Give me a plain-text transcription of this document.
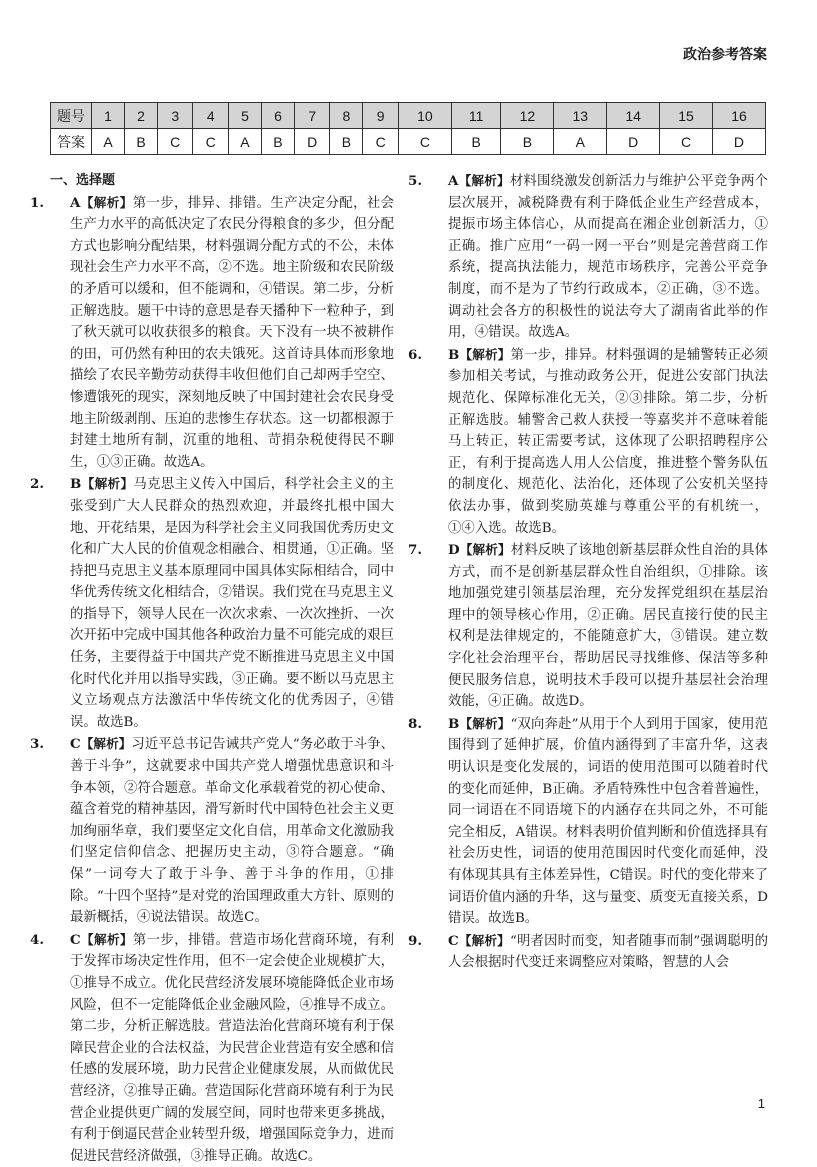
政治参考答案
题号	1	2	3	4	5	6	7	8	9	10	11	12	13	14	15	16
答案	A	B	C	C	A	B	D	B	C	C	B	B	A	D	C	D
一、选择题

1. A【解析】第一步，排异、排错。生产决定分配，社会生产力水平的高低决定了农民分得粮食的多少，但分配方式也影响分配结果，材料强调分配方式的不公，未体现社会生产力水平不高，②不选。地主阶级和农民阶级的矛盾可以缓和，但不能调和，④错误。第二步，分析正解选肢。题干中诗的意思是春天播种下一粒种子，到了秋天就可以收获很多的粮食。天下没有一块不被耕作的田，可仍然有种田的农夫饿死。这首诗具体而形象地描绘了农民辛勤劳动获得丰收但他们自己却两手空空、惨遭饿死的现实，深刻地反映了中国封建社会农民身受地主阶级剥削、压迫的悲惨生存状态。这一切都根源于封建土地所有制，沉重的地租、苛捐杂税使得民不聊生，①③正确。故选A。

2. B【解析】马克思主义传入中国后，科学社会主义的主张受到广大人民群众的热烈欢迎，并最终扎根中国大地、开花结果，是因为科学社会主义同我国优秀历史文化和广大人民的价值观念相融合、相贯通，①正确。坚持把马克思主义基本原理同中国具体实际相结合，同中华优秀传统文化相结合，②错误。我们党在马克思主义的指导下，领导人民在一次次求索、一次次挫折、一次次开拓中完成中国其他各种政治力量不可能完成的艰巨任务，主要得益于中国共产党不断推进马克思主义中国化时代化并用以指导实践，③正确。要不断以马克思主义立场观点方法激活中华传统文化的优秀因子，④错误。故选B。

3. C【解析】习近平总书记告诫共产党人“务必敢于斗争、善于斗争”，这就要求中国共产党人增强忧患意识和斗争本领，②符合题意。革命文化承载着党的初心使命、蕴含着党的精神基因，滑写新时代中国特色社会主义更加绚丽华章，我们要坚定文化自信，用革命文化激励我们坚定信仰信念、把握历史主动，③符合题意。“确保”一词夸大了敢于斗争、善于斗争的作用，①排除。“十四个坚持”是对党的治国理政重大方针、原则的最新概括，④说法错误。故选C。

4. C【解析】第一步，排错。营造市场化营商环境，有利于发挥市场决定性作用，但不一定会使企业规模扩大，①推导不成立。优化民营经济发展环境能降低企业市场风险，但不一定能降低企业金融风险，④推导不成立。第二步，分析正解选肢。营造法治化营商环境有利于保障民营企业的合法权益，为民营企业营造有安全感和信任感的发展环境，助力民营企业健康发展，从而做优民营经济，②推导正确。营造国际化营商环境有利于为民营企业提供更广阔的发展空间，同时也带来更多挑战，有利于倒逼民营企业转型升级，增强国际竞争力，进而促进民营经济做强，③推导正确。故选C。

5. A【解析】材料围绕激发创新活力与维护公平竞争两个层次展开，减税降费有利于降低企业生产经营成本，提振市场主体信心，从而提高在湘企业创新活力，①正确。推广应用“一码一网一平台”则是完善营商工作系统，提高执法能力，规范市场秩序，完善公平竞争制度，而不是为了节约行政成本，②正确，③不选。调动社会各方的积极性的说法夸大了湖南省此举的作用，④错误。故选A。

6. B【解析】第一步，排异。材料强调的是辅警转正必须参加相关考试，与推动政务公开，促进公安部门执法规范化、保障标准化无关，②③排除。第二步，分析正解选肢。辅警舍己救人获授一等嘉奖并不意味着能马上转正，转正需要考试，这体现了公职招聘程序公正，有利于提高选人用人公信度，推进整个警务队伍的制度化、规范化、法治化，还体现了公安机关坚持依法办事，做到奖励英雄与尊重公平的有机统一，①④入选。故选B。

7. D【解析】材料反映了该地创新基层群众性自治的具体方式，而不是创新基层群众性自治组织，①排除。该地加强党建引领基层治理，充分发挥党组织在基层治理中的领导核心作用，②正确。居民直接行使的民主权利是法律规定的，不能随意扩大，③错误。建立数字化社会治理平台，帮助居民寻找维修、保洁等多种便民服务信息，说明技术手段可以提升基层社会治理效能，④正确。故选D。

8. B【解析】“双向奔赴”从用于个人到用于国家，使用范围得到了延伸扩展，价值内涵得到了丰富升华，这表明认识是变化发展的，词语的使用范围可以随着时代的变化而延伸，B正确。矛盾特殊性中包含着普遍性，同一词语在不同语境下的内涵存在共同之外，不可能完全相反，A错误。材料表明价值判断和价值选择具有社会历史性，词语的使用范围因时代变化而延伸，没有体现其具有主体差异性，C错误。时代的变化带来了词语价值内涵的升华，这与量变、质变无直接关系，D错误。故选B。

9. C【解析】“明者因时而变，知者随事而制”强调聪明的人会根据时代变迁来调整应对策略，智慧的人会

1
